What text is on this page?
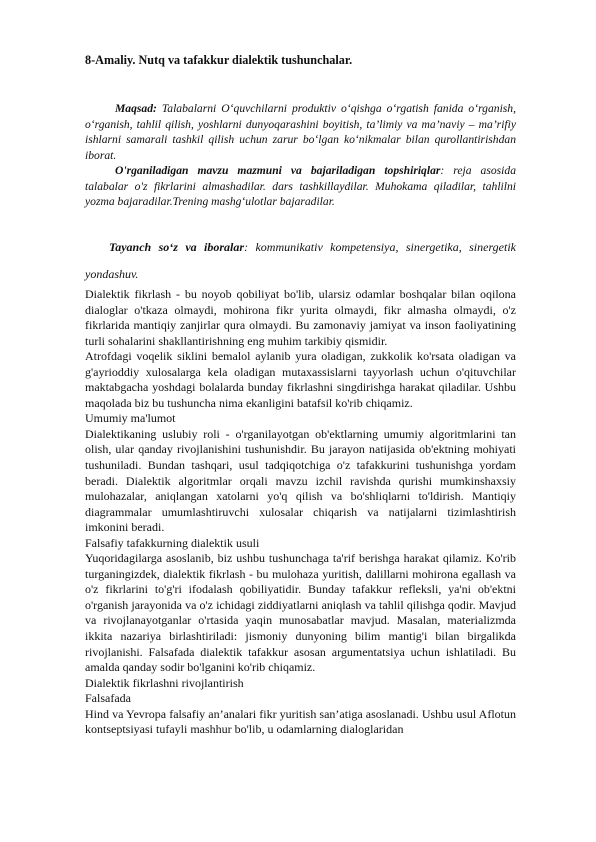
8-Amaliy. Nutq va tafakkur dialektik tushunchalar.

Maqsad: Talabalarni O‘quvchilarni produktiv o‘qishga o‘rgatish fanida o‘rganish, o‘rganish, tahlil qilish, yoshlarni dunyoqarashini boyitish, ta’limiy va ma’naviy – ma’rifiy ishlarni samarali tashkil qilish uchun zarur bo‘lgan ko‘nikmalar bilan qurollantirishdan iborat.

O'rganiladigan mavzu mazmuni va bajariladigan topshiriqlar: reja asosida talabalar o'z fikrlarini almashadilar. dars tashkillaydilar. Muhokama qiladilar, tahlilni yozma bajaradilar.Trening mashg‘ulotlar bajaradilar.

Tayanch so‘z va iboralar: kommunikativ kompetensiya, sinergetika, sinergetik yondashuv.

Dialektik fikrlash - bu noyob qobiliyat bo'lib, ularsiz odamlar boshqalar bilan oqilona dialoglar o'tkaza olmaydi, mohirona fikr yurita olmaydi, fikr almasha olmaydi, o'z fikrlarida mantiqiy zanjirlar qura olmaydi. Bu zamonaviy jamiyat va inson faoliyatining turli sohalarini shakllantirishning eng muhim tarkibiy qismidir.

Atrofdagi voqelik siklini bemalol aylanib yura oladigan, zukkolik ko'rsata oladigan va g'ayrioddiy xulosalarga kela oladigan mutaxassislarni tayyorlash uchun o'qituvchilar maktabgacha yoshdagi bolalarda bunday fikrlashni singdirishga harakat qiladilar. Ushbu maqolada biz bu tushuncha nima ekanligini batafsil ko'rib chiqamiz.

Umumiy ma'lumot

Dialektikaning uslubiy roli - o'rganilayotgan ob'ektlarning umumiy algoritmlarini tan olish, ular qanday rivojlanishini tushunishdir. Bu jarayon natijasida ob'ektning mohiyati tushuniladi. Bundan tashqari, usul tadqiqotchiga o'z tafakkurini tushunishga yordam beradi. Dialektik algoritmlar orqali mavzu izchil ravishda qurishi mumkinshaxsiy mulohazalar, aniqlangan xatolarni yo'q qilish va bo'shliqlarni to'ldirish. Mantiqiy diagrammalar umumlashtiruvchi xulosalar chiqarish va natijalarni tizimlashtirish imkonini beradi.

Falsafiy tafakkurning dialektik usuli

Yuqoridagilarga asoslanib, biz ushbu tushunchaga ta'rif berishga harakat qilamiz. Ko'rib turganingizdek, dialektik fikrlash - bu mulohaza yuritish, dalillarni mohirona egallash va o'z fikrlarini to'g'ri ifodalash qobiliyatidir. Bunday tafakkur refleksli, ya'ni ob'ektni o'rganish jarayonida va o'z ichidagi ziddiyatlarni aniqlash va tahlil qilishga qodir. Mavjud va rivojlanayotganlar o'rtasida yaqin munosabatlar mavjud. Masalan, materializmda ikkita nazariya birlashtiriladi: jismoniy dunyoning bilim mantig'i bilan birgalikda rivojlanishi. Falsafada dialektik tafakkur asosan argumentatsiya uchun ishlatiladi. Bu amalda qanday sodir bo'lganini ko'rib chiqamiz.

Dialektik fikrlashni rivojlantirish

Falsafada

Hind va Yevropa falsafiy an’analari fikr yuritish san’atiga asoslanadi. Ushbu usul Aflotun kontseptsiyasi tufayli mashhur bo'lib, u odamlarning dialoglaridan
